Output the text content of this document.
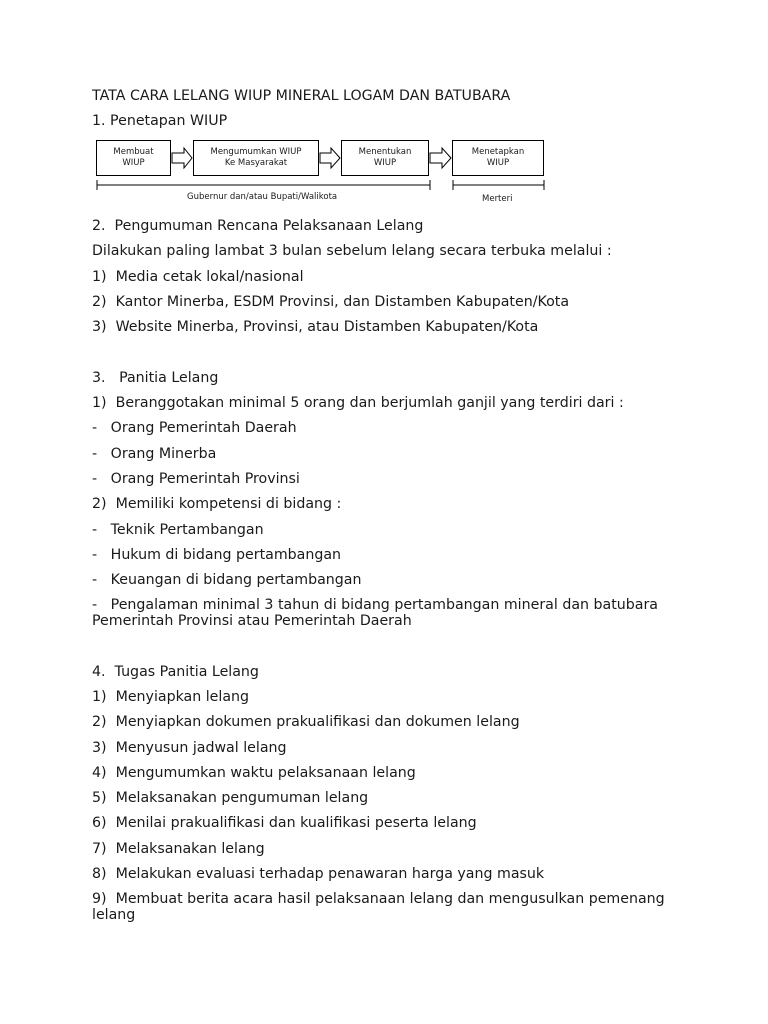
TATA CARA LELANG WIUP MINERAL LOGAM DAN BATUBARA

1. Penetapan WIUP

Membuat
WIUP
Mengumumkan WIUP
Ke Masyarakat
Menentukan
WIUP
Menetapkan
WIUP
Gubernur dan/atau Bupati/Walikota	Merteri

2.  Pengumuman Rencana Pelaksanaan Lelang

Dilakukan paling lambat 3 bulan sebelum lelang secara terbuka melalui :

1)  Media cetak lokal/nasional

2)  Kantor Minerba, ESDM Provinsi, dan Distamben Kabupaten/Kota

3)  Website Minerba, Provinsi, atau Distamben Kabupaten/Kota

3.   Panitia Lelang

1)  Beranggotakan minimal 5 orang dan berjumlah ganjil yang terdiri dari :

-   Orang Pemerintah Daerah

-   Orang Minerba

-   Orang Pemerintah Provinsi

2)  Memiliki kompetensi di bidang :

-   Teknik Pertambangan

-   Hukum di bidang pertambangan

-   Keuangan di bidang pertambangan

-   Pengalaman minimal 3 tahun di bidang pertambangan mineral dan batubara Pemerintah Provinsi atau Pemerintah Daerah

4.  Tugas Panitia Lelang

1)  Menyiapkan lelang

2)  Menyiapkan dokumen prakualifikasi dan dokumen lelang

3)  Menyusun jadwal lelang

4)  Mengumumkan waktu pelaksanaan lelang

5)  Melaksanakan pengumuman lelang

6)  Menilai prakualifikasi dan kualifikasi peserta lelang

7)  Melaksanakan lelang

8)  Melakukan evaluasi terhadap penawaran harga yang masuk

9)  Membuat berita acara hasil pelaksanaan lelang dan mengusulkan pemenang lelang
